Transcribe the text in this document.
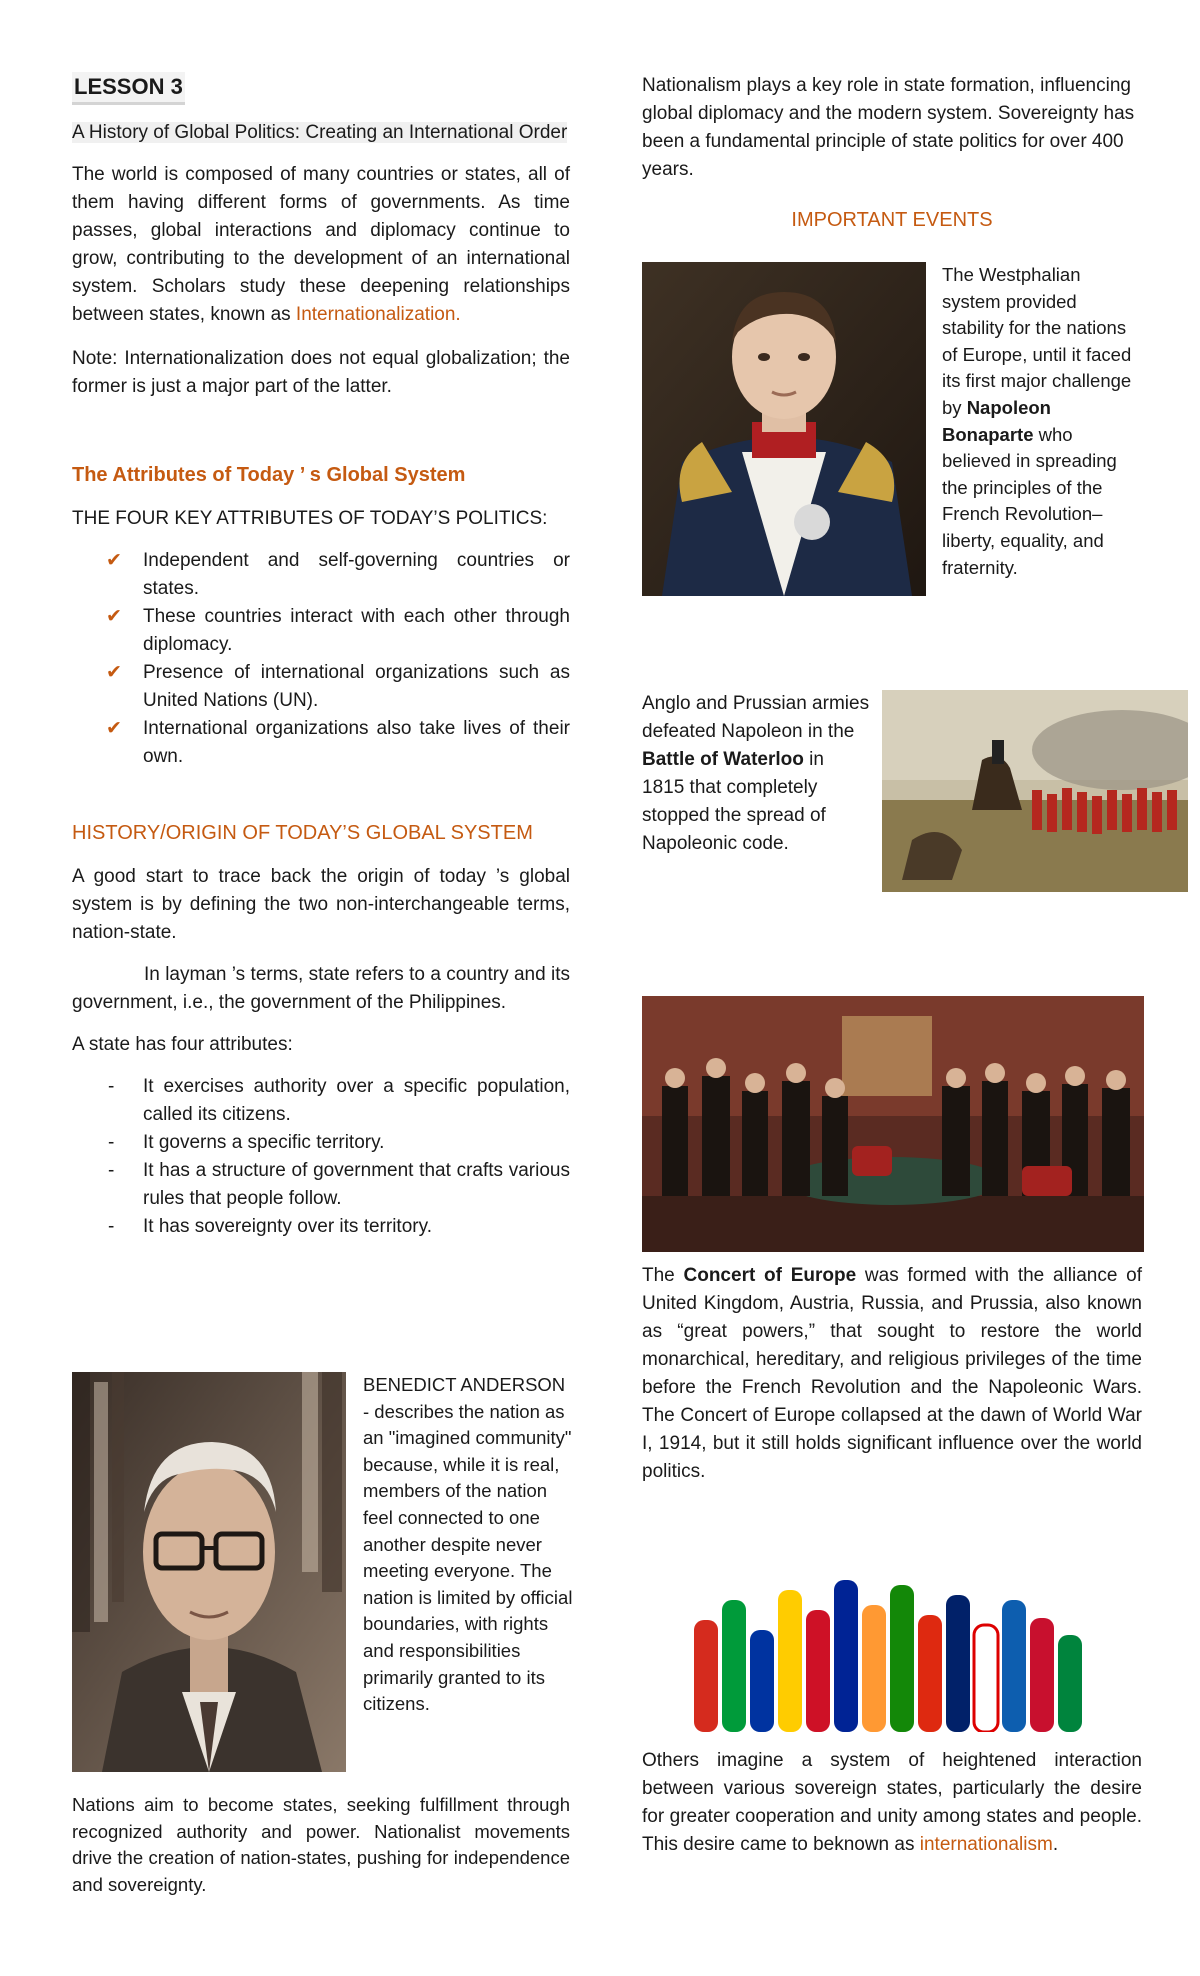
LESSON 3

A History of Global Politics: Creating an International Order

The world is composed of many countries or states, all of them having different forms of governments. As time passes, global interactions and diplomacy continue to grow, contributing to the development of an international system. Scholars study these deepening relationships between states, known as Internationalization.

Note: Internationalization does not equal globalization; the former is just a major part of the latter.

The Attributes of Today ’ s Global System

THE FOUR KEY ATTRIBUTES OF TODAY’S POLITICS:

✔ Independent and self-governing countries or states.
✔ These countries interact with each other through diplomacy.
✔ Presence of international organizations such as United Nations (UN).
✔ International organizations also take lives of their own.

HISTORY/ORIGIN OF TODAY’S GLOBAL SYSTEM

A good start to trace back the origin of today ’s global system is by defining the two non-interchangeable terms, nation-state.

In layman ’s terms, state refers to a country and its government, i.e., the government of the Philippines.

A state has four attributes:

- It exercises authority over a specific population, called its citizens.
- It governs a specific territory.
- It has a structure of government that crafts various rules that people follow.
- It has sovereignty over its territory.

BENEDICT ANDERSON

- describes the nation as an "imagined community" because, while it is real, members of the nation feel connected to one another despite never meeting everyone. The nation is limited by official boundaries, with rights and responsibilities primarily granted to its citizens.

Nations aim to become states, seeking fulfillment through recognized authority and power. Nationalist movements drive the creation of nation-states, pushing for independence and sovereignty.

Nationalism plays a key role in state formation, influencing global diplomacy and the modern system. Sovereignty has been a fundamental principle of state politics for over 400 years.

IMPORTANT EVENTS

The Westphalian system provided stability for the nations of Europe, until it faced its first major challenge by Napoleon Bonaparte who believed in spreading the principles of the French Revolution– liberty, equality, and fraternity.
Anglo and Prussian armies defeated Napoleon in the Battle of Waterloo in 1815 that completely stopped the spread of Napoleonic code.

The Concert of Europe was formed with the alliance of United Kingdom, Austria, Russia, and Prussia, also known as “great powers,” that sought to restore the world monarchical, hereditary, and religious privileges of the time before the French Revolution and the Napoleonic Wars. The Concert of Europe collapsed at the dawn of World War I, 1914, but it still holds significant influence over the world politics.

Others imagine a system of heightened interaction between various sovereign states, particularly the desire for greater cooperation and unity among states and people. This desire came to beknown as internationalism.
